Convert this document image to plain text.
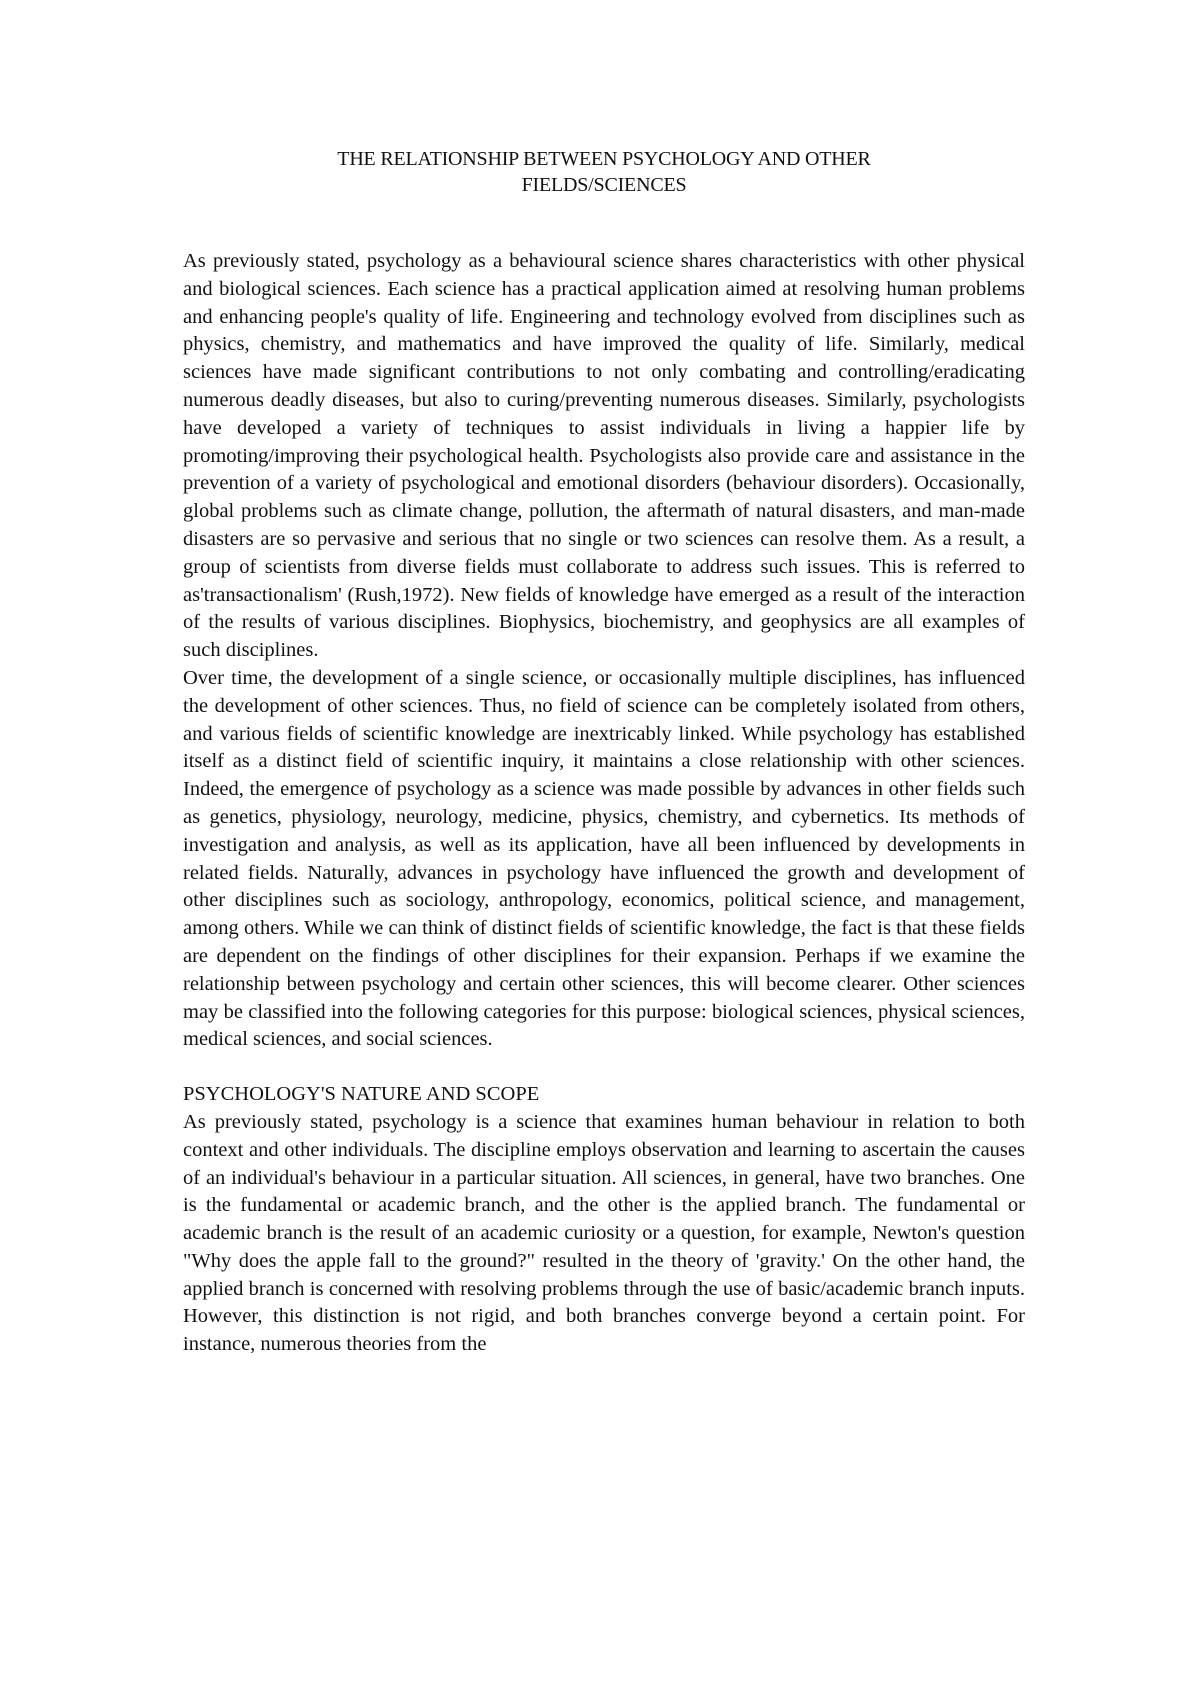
THE RELATIONSHIP BETWEEN PSYCHOLOGY AND OTHER
FIELDS/SCIENCES

As previously stated, psychology as a behavioural science shares characteristics with other physical and biological sciences. Each science has a practical application aimed at resolving human problems and enhancing people's quality of life. Engineering and technology evolved from disciplines such as physics, chemistry, and mathematics and have improved the quality of life. Similarly, medical sciences have made significant contributions to not only combating and controlling/eradicating numerous deadly diseases, but also to curing/preventing numerous diseases. Similarly, psychologists have developed a variety of techniques to assist individuals in living a happier life by promoting/improving their psychological health. Psychologists also provide care and assistance in the prevention of a variety of psychological and emotional disorders (behaviour disorders). Occasionally, global problems such as climate change, pollution, the aftermath of natural disasters, and man-made disasters are so pervasive and serious that no single or two sciences can resolve them. As a result, a group of scientists from diverse fields must collaborate to address such issues. This is referred to as'transactionalism' (Rush,1972). New fields of knowledge have emerged as a result of the interaction of the results of various disciplines. Biophysics, biochemistry, and geophysics are all examples of such disciplines.

Over time, the development of a single science, or occasionally multiple disciplines, has influenced the development of other sciences. Thus, no field of science can be completely isolated from others, and various fields of scientific knowledge are inextricably linked. While psychology has established itself as a distinct field of scientific inquiry, it maintains a close relationship with other sciences. Indeed, the emergence of psychology as a science was made possible by advances in other fields such as genetics, physiology, neurology, medicine, physics, chemistry, and cybernetics. Its methods of investigation and analysis, as well as its application, have all been influenced by developments in related fields. Naturally, advances in psychology have influenced the growth and development of other disciplines such as sociology, anthropology, economics, political science, and management, among others. While we can think of distinct fields of scientific knowledge, the fact is that these fields are dependent on the findings of other disciplines for their expansion. Perhaps if we examine the relationship between psychology and certain other sciences, this will become clearer. Other sciences may be classified into the following categories for this purpose: biological sciences, physical sciences, medical sciences, and social sciences.

PSYCHOLOGY'S NATURE AND SCOPE

As previously stated, psychology is a science that examines human behaviour in relation to both context and other individuals. The discipline employs observation and learning to ascertain the causes of an individual's behaviour in a particular situation. All sciences, in general, have two branches. One is the fundamental or academic branch, and the other is the applied branch. The fundamental or academic branch is the result of an academic curiosity or a question, for example, Newton's question "Why does the apple fall to the ground?" resulted in the theory of 'gravity.' On the other hand, the applied branch is concerned with resolving problems through the use of basic/academic branch inputs. However, this distinction is not rigid, and both branches converge beyond a certain point. For instance, numerous theories from the
